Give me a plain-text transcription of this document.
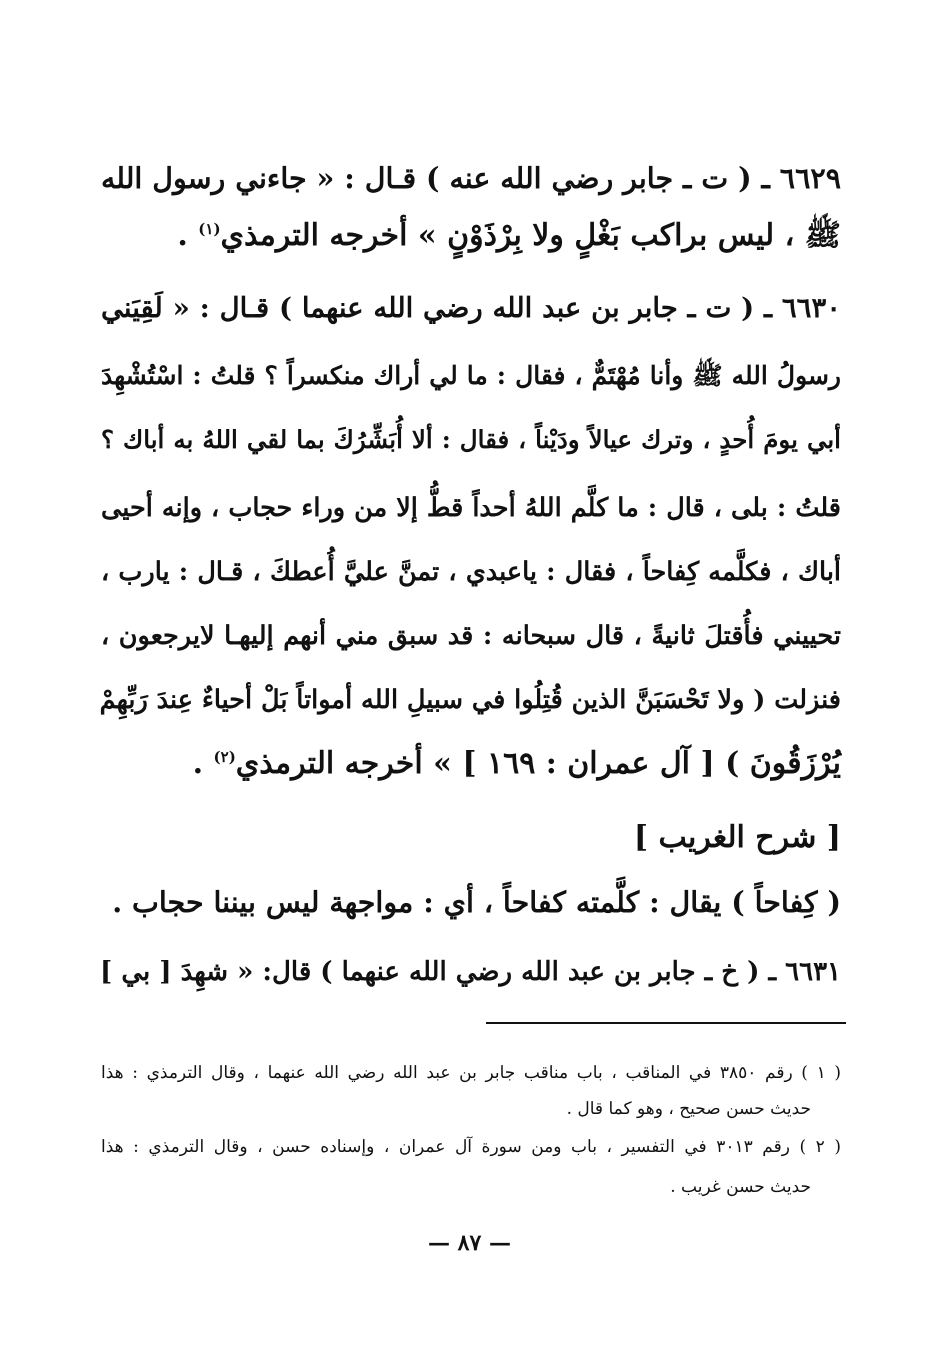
٦٦٢٩ ـ ( ت ـ جابر رضي الله عنه ) قـال : « جاءني رسول الله
ﷺ ، ليس براكب بَغْلٍ ولا بِرْذَوْنٍ » أخرجه الترمذي$^{(١)}$ .
٦٦٣٠ ـ ( ت ـ جابر بن عبد الله رضي الله عنهما ) قـال : « لَقِيَني
رسولُ الله ﷺ وأنا مُهْتَمٌّ ، فقال : ما لي أراك منكسراً ؟ قلتُ : اسْتُشْهِدَ
أبي يومَ أُحدٍ ، وترك عيالاً ودَيْناً ، فقال : ألا أُبَشِّرُكَ بما لقي اللهُ به أباك ؟
قلتُ : بلى ، قال : ما كلَّم اللهُ أحداً قطُّ إلا من وراء حجاب ، وإنه أحيى
أباك ، فكلَّمه كِفاحاً ، فقال : ياعبدي ، تمنَّ عليَّ أُعطكَ ، قـال : يارب ،
تحييني فأُقتلَ ثانيةً ، قال سبحانه : قد سبق مني أنهم إليهـا لايرجعون ،
فنزلت ( ولا تَحْسَبَنَّ الذين قُتِلُوا في سبيلِ الله أمواتاً بَلْ أحياءٌ عِندَ رَبِّهِمْ
يُرْزَقُونَ ) [ آل عمران : ١٦٩ ] » أخرجه الترمذي$^{(٢)}$ .
[ شرح الغريب ]
( كِفاحاً ) يقال : كلَّمته كفاحاً ، أي : مواجهة ليس بيننا حجاب .
٦٦٣١ ـ ( خ ـ جابر بن عبد الله رضي الله عنهما ) قال: « شهِدَ [ بي ]
( ١ ) رقم ٣٨٥٠ في المناقب ، باب مناقب جابر بن عبد الله رضي الله عنهما ، وقال الترمذي : هذا
حديث حسن صحيح ، وهو كما قال .
( ٢ ) رقم ٣٠١٣ في التفسير ، باب ومن سورة آل عمران ، وإسناده حسن ، وقال الترمذي : هذا
حديث حسن غريب .
— ٨٧ —
